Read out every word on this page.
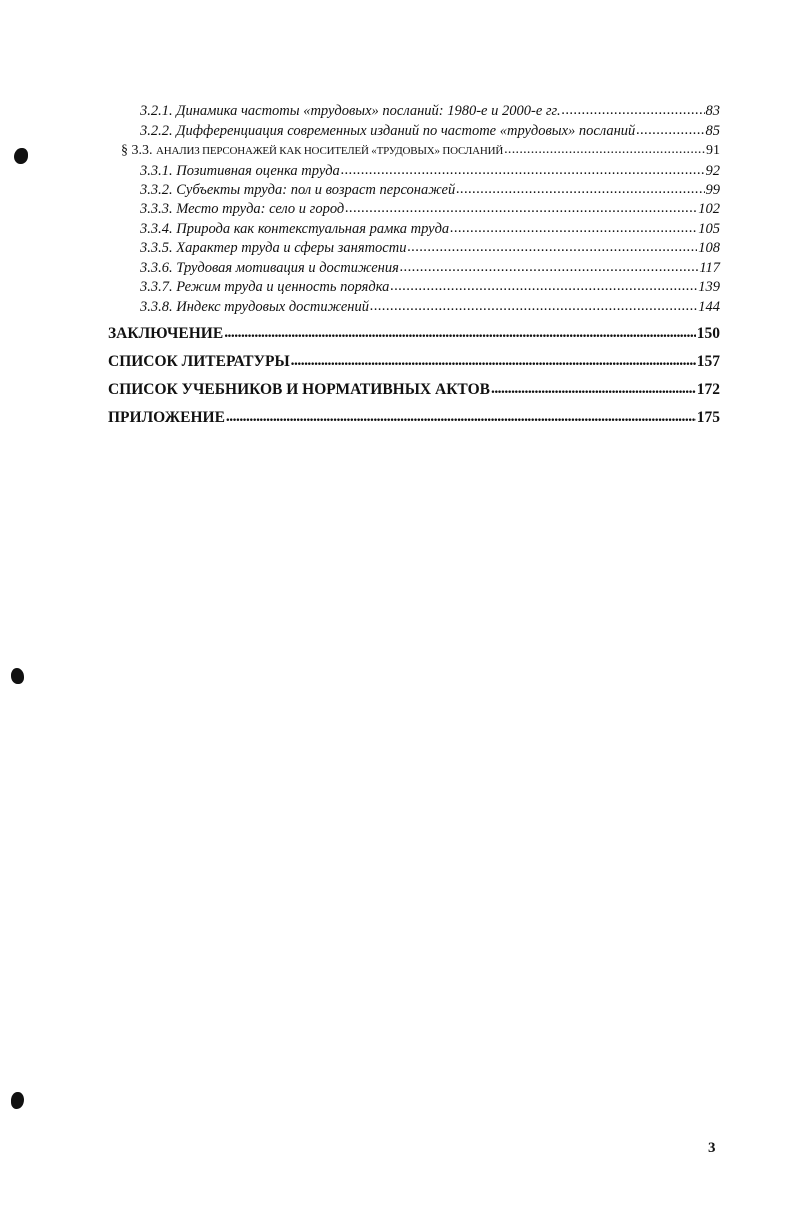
3.2.1. Динамика частоты «трудовых» посланий: 1980-е и 2000-е гг. . . .	83
3.2.2. Дифференциация современных изданий по частоте «трудовых» посланий . . .	85
§ 3.3. АНАЛИЗ ПЕРСОНАЖЕЙ КАК НОСИТЕЛЕЙ «ТРУДОВЫХ» ПОСЛАНИЙ . . .	91
3.3.1. Позитивная оценка труда . . .	92
3.3.2. Субъекты труда: пол и возраст персонажей . . .	99
3.3.3. Место труда: село и город . . .	102
3.3.4. Природа как контекстуальная рамка труда . . .	105
3.3.5. Характер труда и сферы занятости . . .	108
3.3.6. Трудовая мотивация и достижения . . .	117
3.3.7. Режим труда и ценность порядка . . .	139
3.3.8. Индекс трудовых достижений . . .	144
ЗАКЛЮЧЕНИЕ . . .	150
СПИСОК ЛИТЕРАТУРЫ . . .	157
СПИСОК УЧЕБНИКОВ И НОРМАТИВНЫХ АКТОВ . . .	172
ПРИЛОЖЕНИЕ . . .	175
3
